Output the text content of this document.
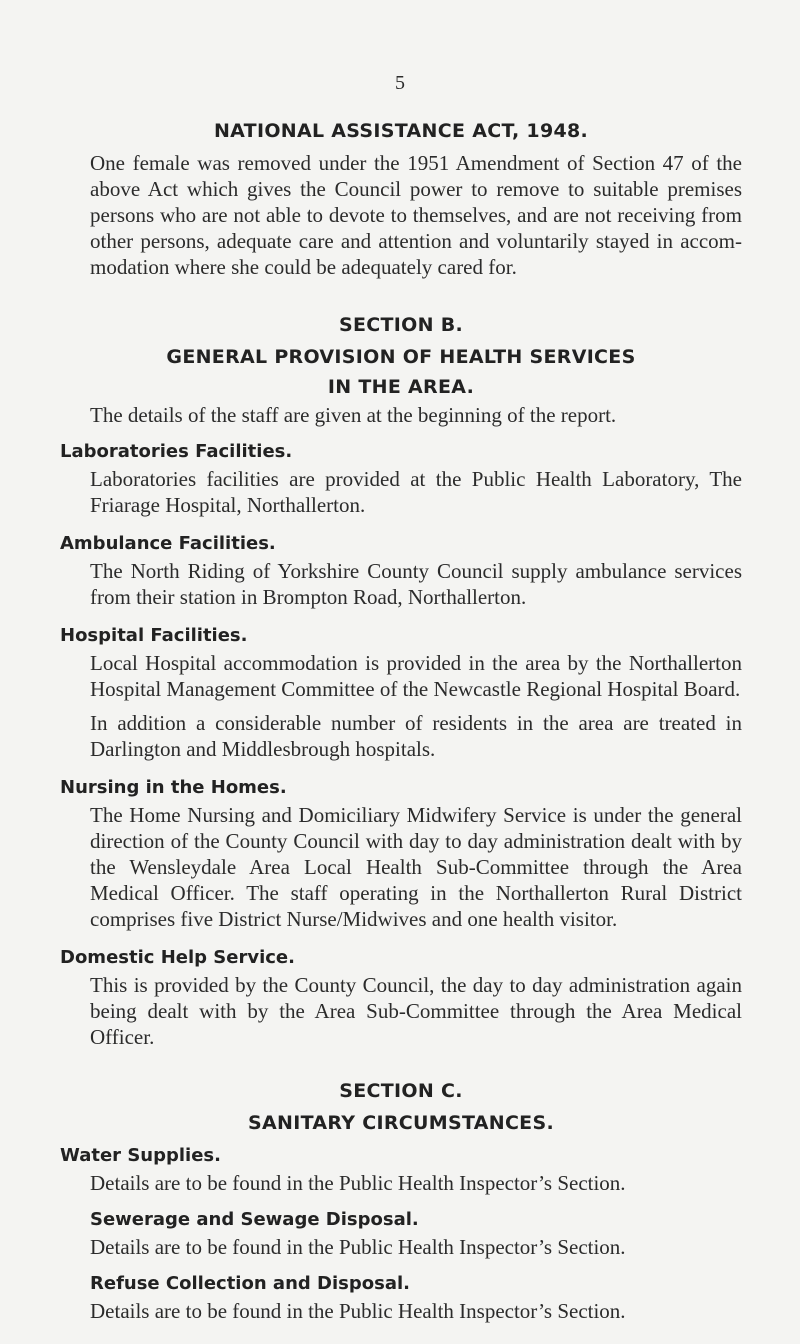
5
NATIONAL ASSISTANCE ACT, 1948.

One female was removed under the 1951 Amendment of Section 47 of the above Act which gives the Council power to remove to suitable premises persons who are not able to devote to themselves, and are not receiving from other persons, adequate care and attention and voluntarily stayed in accommodation where she could be adequately cared for.

SECTION B.
GENERAL PROVISION OF HEALTH SERVICES
IN THE AREA.

The details of the staff are given at the beginning of the report.

Laboratories Facilities.

Laboratories facilities are provided at the Public Health Laboratory, The Friarage Hospital, Northallerton.

Ambulance Facilities.

The North Riding of Yorkshire County Council supply ambulance services from their station in Brompton Road, Northallerton.

Hospital Facilities.

Local Hospital accommodation is provided in the area by the Northallerton Hospital Management Committee of the Newcastle Regional Hospital Board.

In addition a considerable number of residents in the area are treated in Darlington and Middlesbrough hospitals.

Nursing in the Homes.

The Home Nursing and Domiciliary Midwifery Service is under the general direction of the County Council with day to day administration dealt with by the Wensleydale Area Local Health Sub-Committee through the Area Medical Officer. The staff operating in the Northallerton Rural District comprises five District Nurse/Midwives and one health visitor.

Domestic Help Service.

This is provided by the County Council, the day to day administration again being dealt with by the Area Sub-Committee through the Area Medical Officer.

SECTION C.
SANITARY CIRCUMSTANCES.
Water Supplies.

Details are to be found in the Public Health Inspector’s Section.

Sewerage and Sewage Disposal.

Details are to be found in the Public Health Inspector’s Section.

Refuse Collection and Disposal.

Details are to be found in the Public Health Inspector’s Section.
